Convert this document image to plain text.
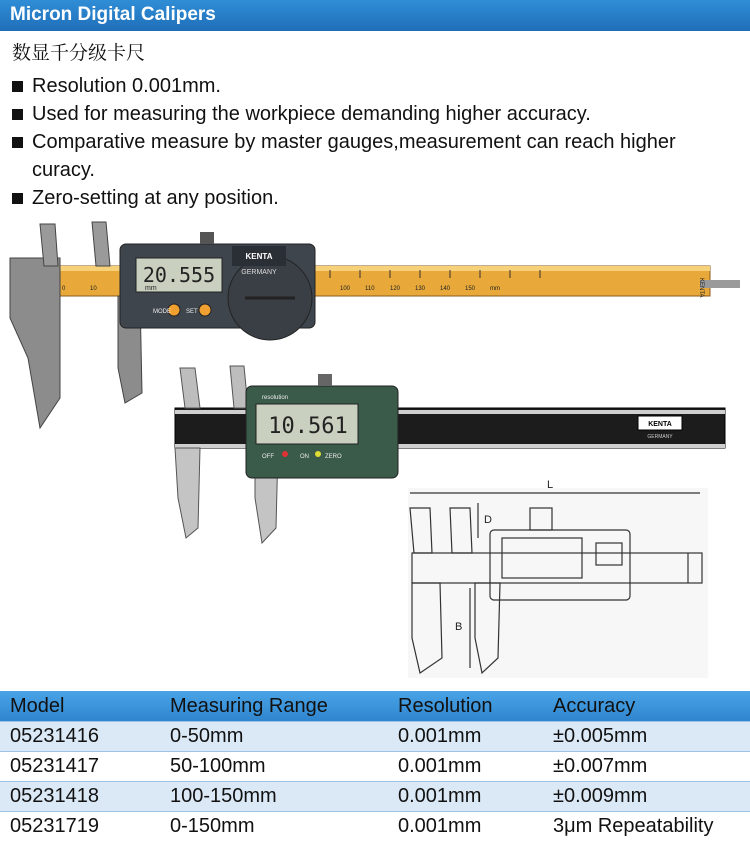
Micron Digital Calipers
数显千分级卡尺
Resolution 0.001mm.
Used for measuring the workpiece demanding higher accuracy.
Comparative measure by master gauges,measurement can reach higher curacy.
Zero-setting at any position.
20.555
mm
KENTA
GERMANY
MODE	SET
0	10	100 110	120 130 140 150 mm	KENTA
10.561
resolution
OFF	ON	ZERO
KENTA
GERMANY
L
D
B
Model	Measuring Range	Resolution	Accuracy
05231416	0-50mm	0.001mm	±0.005mm
05231417	50-100mm	0.001mm	±0.007mm
05231418	100-150mm	0.001mm	±0.009mm
05231719	0-150mm	0.001mm	3μm Repeatability
